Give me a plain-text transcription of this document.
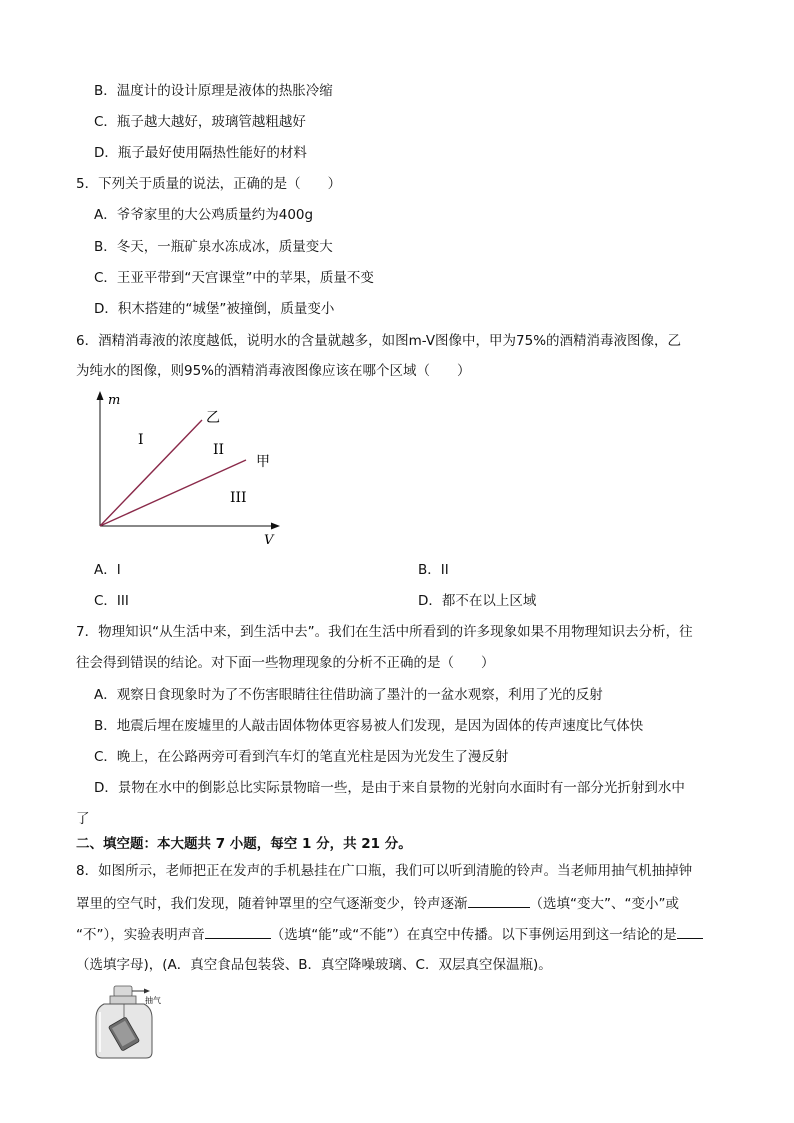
B．温度计的设计原理是液体的热胀冷缩
C．瓶子越大越好，玻璃管越粗越好
D．瓶子最好使用隔热性能好的材料
5．下列关于质量的说法，正确的是（　　）
A．爷爷家里的大公鸡质量约为400g
B．冬天，一瓶矿泉水冻成冰，质量变大
C．王亚平带到“天宫课堂”中的苹果，质量不变
D．积木搭建的“城堡”被撞倒，质量变小
6．酒精消毒液的浓度越低，说明水的含量就越多，如图m-V图像中，甲为75%的酒精消毒液图像，乙
为纯水的图像，则95%的酒精消毒液图像应该在哪个区域（　　）
m
V
乙
甲
I
II
III
A．I	B．II
C．III	D．都不在以上区域
7．物理知识“从生活中来，到生活中去”。我们在生活中所看到的许多现象如果不用物理知识去分析，往
往会得到错误的结论。对下面一些物理现象的分析不正确的是（　　）
A．观察日食现象时为了不伤害眼睛往往借助滴了墨汁的一盆水观察，利用了光的反射
B．地震后埋在废墟里的人敲击固体物体更容易被人们发现，是因为固体的传声速度比气体快
C．晚上，在公路两旁可看到汽车灯的笔直光柱是因为光发生了漫反射
D．景物在水中的倒影总比实际景物暗一些，是由于来自景物的光射向水面时有一部分光折射到水中
了
二、填空题：本大题共 7 小题，每空 1 分，共 21 分。
8．如图所示，老师把正在发声的手机悬挂在广口瓶，我们可以听到清脆的铃声。当老师用抽气机抽掉钟
罩里的空气时，我们发现，随着钟罩里的空气逐渐变少，铃声逐渐	（选填“变大”、“变小”或
“不”），实验表明声音	（选填“能”或“不能”）在真空中传播。以下事例运用到这一结论的是
（选填字母)，(A．真空食品包装袋、B．真空降噪玻璃、C．双层真空保温瓶)。
抽气
